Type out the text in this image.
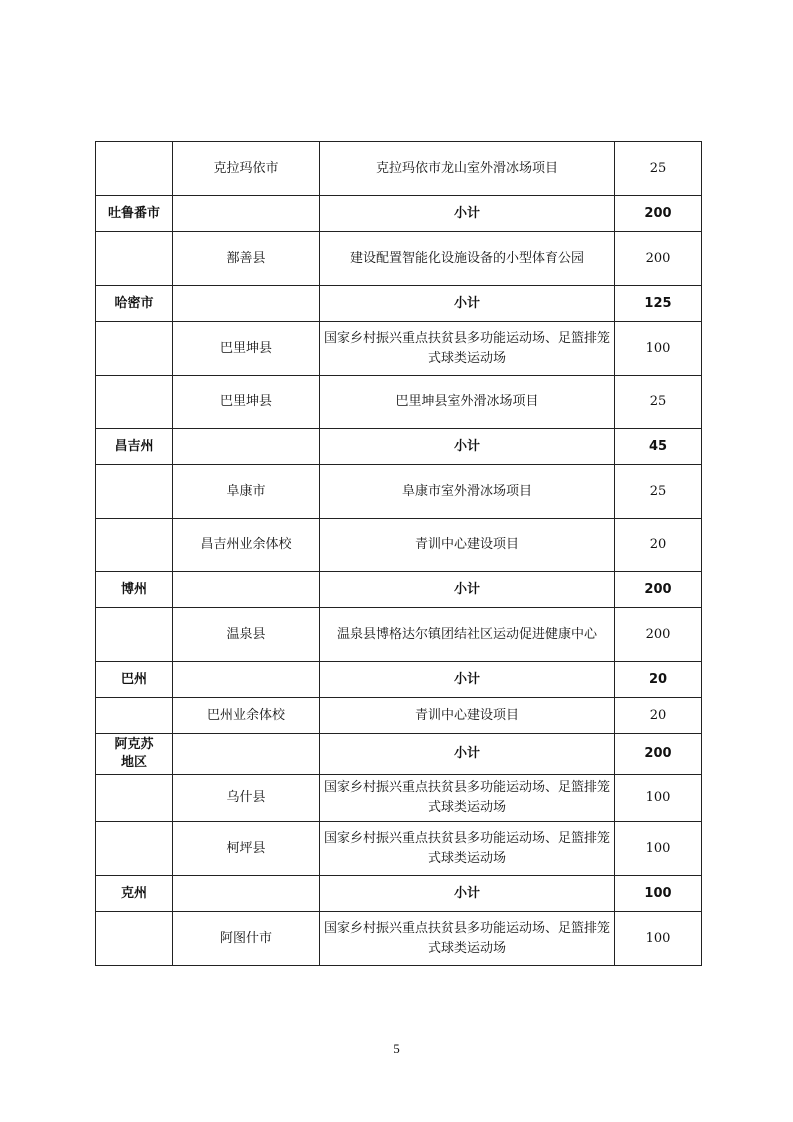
	克拉玛依市	克拉玛依市龙山室外滑冰场项目	25
吐鲁番市		小计	200
	鄯善县	建设配置智能化设施设备的小型体育公园	200
哈密市		小计	125
	巴里坤县	国家乡村振兴重点扶贫县多功能运动场、足篮排笼式球类运动场	100
	巴里坤县	巴里坤县室外滑冰场项目	25
昌吉州		小计	45
	阜康市	阜康市室外滑冰场项目	25
	昌吉州业余体校	青训中心建设项目	20
博州		小计	200
	温泉县	温泉县博格达尔镇团结社区运动促进健康中心	200
巴州		小计	20
	巴州业余体校	青训中心建设项目	20

阿克苏
地区		小计	200
	乌什县	国家乡村振兴重点扶贫县多功能运动场、足篮排笼式球类运动场	100
	柯坪县	国家乡村振兴重点扶贫县多功能运动场、足篮排笼式球类运动场	100
克州		小计	100
	阿图什市	国家乡村振兴重点扶贫县多功能运动场、足篮排笼式球类运动场	100
5
